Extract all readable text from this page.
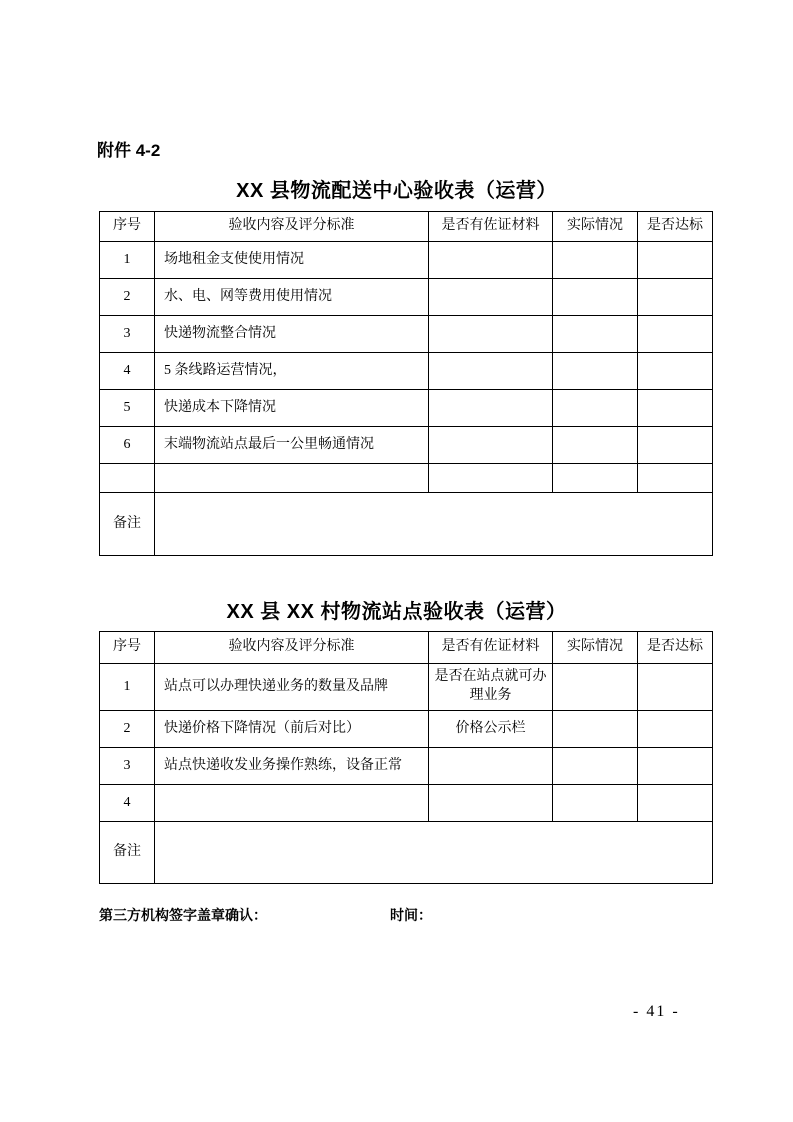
附件 4-2
XX 县物流配送中心验收表（运营）
序号	验收内容及评分标准	是否有佐证材料	实际情况	是否达标
1	场地租金支使使用情况			
2	水、电、网等费用使用情况			
3	快递物流整合情况			
4	5 条线路运营情况，			
5	快递成本下降情况			
6	末端物流站点最后一公里畅通情况			

备注				
XX 县 XX 村物流站点验收表（运营）
序号	验收内容及评分标准	是否有佐证材料	实际情况	是否达标
1	站点可以办理快递业务的数量及品牌	是否在站点就可办理业务		
2	快递价格下降情况（前后对比）	价格公示栏		
3	站点快递收发业务操作熟练，设备正常			
4				
备注				
第三方机构签字盖章确认：	时间：
- 41 -
